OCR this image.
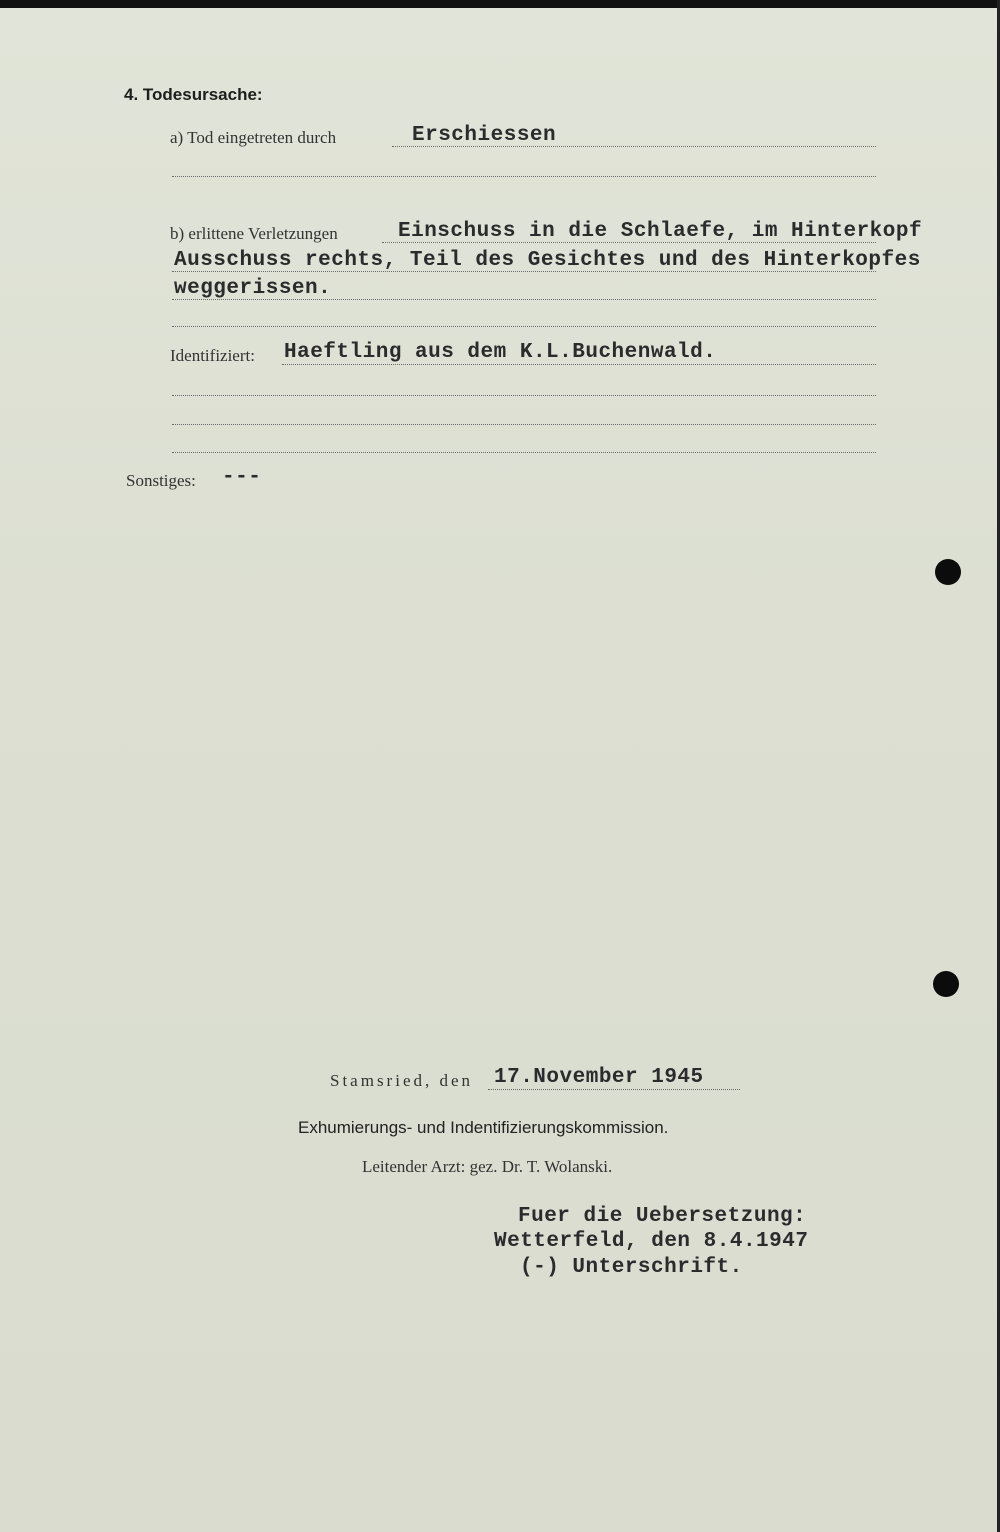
4. Todesursache:
a) Tod eingetreten durch	Erschiessen
b) erlittene Verletzungen	Einschuss in die Schlaefe, im Hinterkopf
Ausschuss rechts, Teil des Gesichtes und des Hinterkopfes
weggerissen.
Identifiziert: Haeftling aus dem K.L.Buchenwald.
Sonstiges: ---
Stamsried, den 17.November 1945
Exhumierungs- und Indentifizierungskommission.
Leitender Arzt: gez. Dr. T. Wolanski.
Fuer die Uebersetzung:
Wetterfeld, den 8.4.1947
(-) Unterschrift.
